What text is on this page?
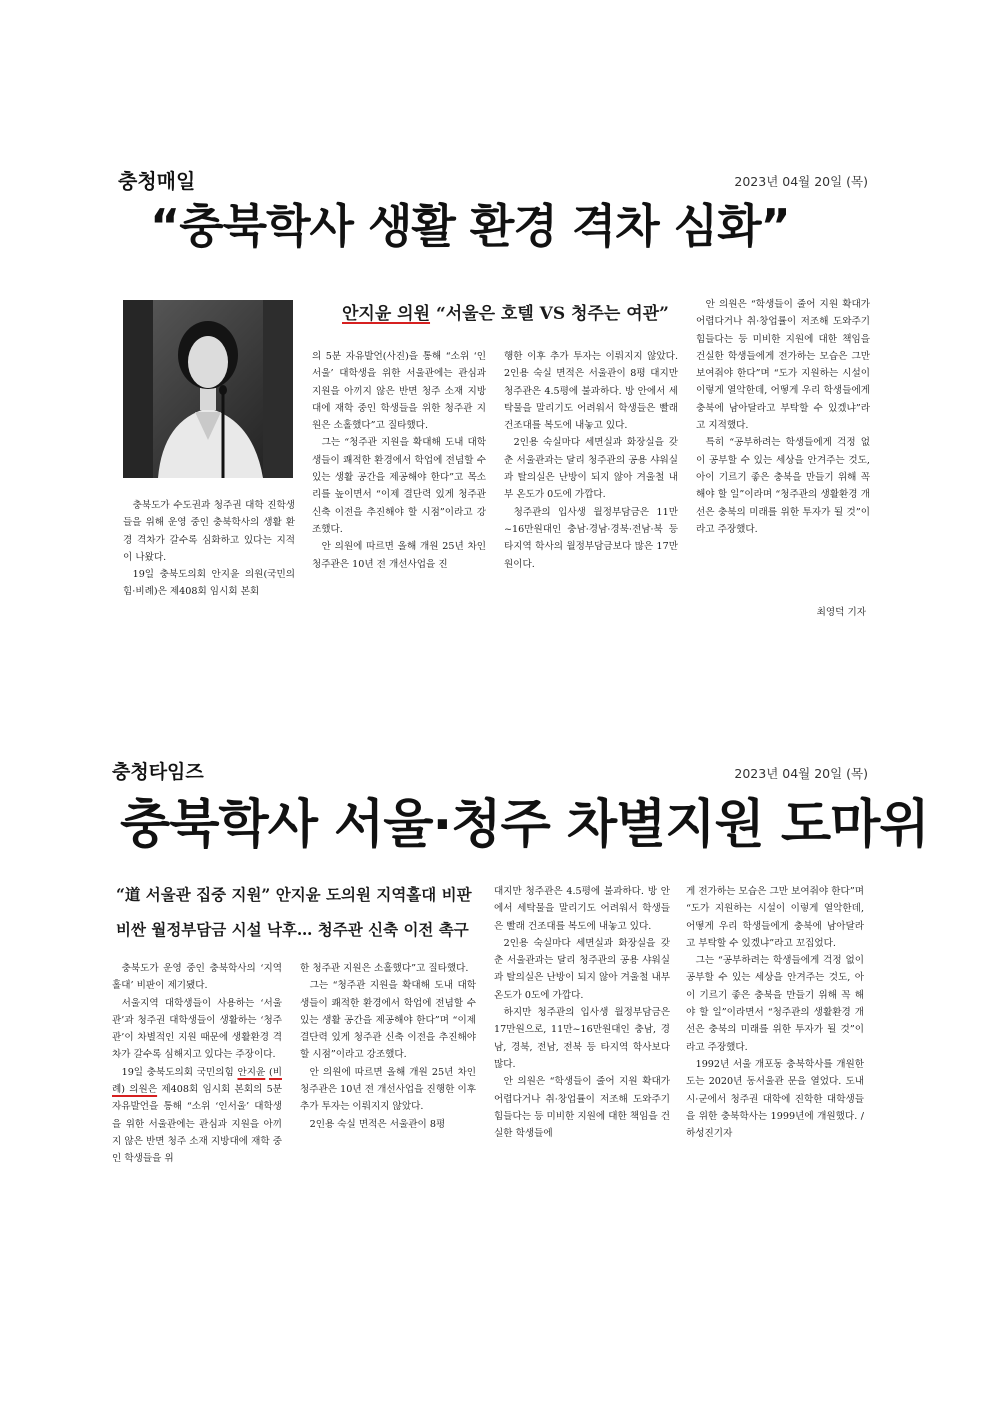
충청매일	2023년 04월 20일 (목)
“충북학사 생활 환경 격차 심화”
안지윤 의원 “서울은 호텔 VS 청주는 여관”

충북도가 수도권과 청주권 대학 진학생들을 위해 운영 중인 충북학사의 생활 환경 격차가 갈수록 심화하고 있다는 지적이 나왔다.

19일 충북도의회 안지윤 의원(국민의힘·비례)은 제408회 임시회 본회

의 5분 자유발언(사진)을 통해 “소위 ‘인서울’ 대학생을 위한 서울관에는 관심과 지원을 아끼지 않은 반면 청주 소재 지방대에 재학 중인 학생들을 위한 청주관 지원은 소홀했다”고 질타했다.

그는 “청주관 지원을 확대해 도내 대학생들이 쾌적한 환경에서 학업에 전념할 수 있는 생활 공간을 제공해야 한다”고 목소리를 높이면서 “이제 결단력 있게 청주관 신축 이전을 추진해야 할 시점”이라고 강조했다.

안 의원에 따르면 올해 개원 25년 차인 청주관은 10년 전 개선사업을 진

행한 이후 추가 투자는 이뤄지지 않았다. 2인용 숙실 면적은 서울관이 8평 대지만 청주관은 4.5평에 불과하다. 방 안에서 세탁물을 말리기도 어려워서 학생들은 빨래 건조대를 복도에 내놓고 있다.

2인용 숙실마다 세면실과 화장실을 갖춘 서울관과는 달리 청주관의 공용 샤워실과 탈의실은 난방이 되지 않아 겨울철 내부 온도가 0도에 가깝다.

청주관의 입사생 월정부담금은 11만~16만원대인 충남·경남·경북·전남·북 등 타지역 학사의 월정부담금보다 많은 17만원이다.

안 의원은 “학생들이 줄어 지원 확대가 어렵다거나 취·창업률이 저조해 도와주기 힘들다는 등 미비한 지원에 대한 책임을 건실한 학생들에게 전가하는 모습은 그만 보여줘야 한다”며 “도가 지원하는 시설이 이렇게 열악한데, 어떻게 우리 학생들에게 충북에 남아달라고 부탁할 수 있겠냐”라고 지적했다.

특히 “공부하려는 학생들에게 걱정 없이 공부할 수 있는 세상을 안겨주는 것도, 아이 기르기 좋은 충북을 만들기 위해 꼭 해야 할 일”이라며 “청주관의 생활환경 개선은 충북의 미래를 위한 투자가 될 것”이라고 주장했다.

최영덕 기자
충청타임즈	2023년 04월 20일 (목)
충북학사 서울·청주 차별지원 도마위
“道 서울관 집중 지원” 안지윤 도의원 지역홀대 비판
비싼 월정부담금 시설 낙후… 청주관 신축 이전 촉구

충북도가 운영 중인 충북학사의 ‘지역홀대’ 비판이 제기됐다.

서울지역 대학생들이 사용하는 ‘서울관’과 청주권 대학생들이 생활하는 ‘청주관’이 차별적인 지원 때문에 생활환경 격차가 갈수록 심해지고 있다는 주장이다.

19일 충북도의회 국민의힘 안지윤 (비례) 의원은 제408회 임시회 본회의 5분 자유발언을 통해 “소위 ‘인서울’ 대학생을 위한 서울관에는 관심과 지원을 아끼지 않은 반면 청주 소재 지방대에 재학 중인 학생들을 위

한 청주관 지원은 소홀했다”고 질타했다.

그는 “청주관 지원을 확대해 도내 대학생들이 쾌적한 환경에서 학업에 전념할 수 있는 생활 공간을 제공해야 한다”며 “이제 결단력 있게 청주관 신축 이전을 추진해야 할 시점”이라고 강조했다.

안 의원에 따르면 올해 개원 25년 차인 청주관은 10년 전 개선사업을 진행한 이후 추가 투자는 이뤄지지 않았다.

2인용 숙실 면적은 서울관이 8평

대지만 청주관은 4.5평에 불과하다. 방 안에서 세탁물을 말리기도 어려워서 학생들은 빨래 건조대를 복도에 내놓고 있다.

2인용 숙실마다 세면실과 화장실을 갖춘 서울관과는 달리 청주관의 공용 샤워실과 탈의실은 난방이 되지 않아 겨울철 내부 온도가 0도에 가깝다.

하지만 청주관의 입사생 월정부담금은 17만원으로, 11만~16만원대인 충남, 경남, 경북, 전남, 전북 등 타지역 학사보다 많다.

안 의원은 “학생들이 줄어 지원 확대가 어렵다거나 취·창업률이 저조해 도와주기 힘들다는 등 미비한 지원에 대한 책임을 건실한 학생들에

게 전가하는 모습은 그만 보여줘야 한다”며 “도가 지원하는 시설이 이렇게 열악한데, 어떻게 우리 학생들에게 충북에 남아달라고 부탁할 수 있겠냐”라고 꼬집었다.

그는 “공부하려는 학생들에게 걱정 없이 공부할 수 있는 세상을 안겨주는 것도, 아이 기르기 좋은 충북을 만들기 위해 꼭 해야 할 일”이라면서 “청주관의 생활환경 개선은 충북의 미래를 위한 투자가 될 것”이라고 주장했다.

1992년 서울 개포동 충북학사를 개원한 도는 2020년 동서울관 문을 열었다. 도내 시·군에서 청주권 대학에 진학한 대학생들을 위한 충북학사는 1999년에 개원했다. /하성진기자
